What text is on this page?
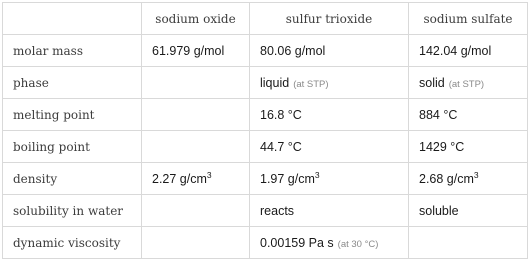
	sodium oxide	sulfur trioxide	sodium sulfate
molar mass	61.979 g/mol	80.06 g/mol	142.04 g/mol
phase		liquid (at STP)	solid (at STP)
melting point		16.8 °C	884 °C
boiling point		44.7 °C	1429 °C
density	2.27 $g/cm^3$	1.97 $g/cm^3$	2.68 $g/cm^3$
solubility in water		reacts	soluble
dynamic viscosity		0.00159 Pa s (at 30 °C)	
